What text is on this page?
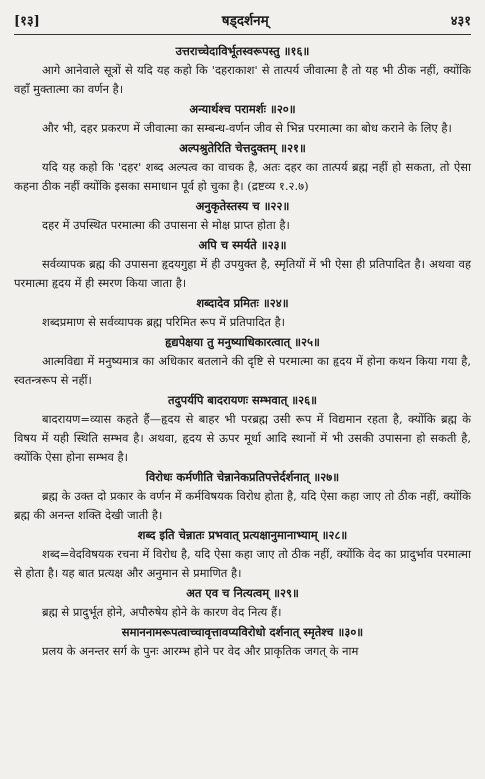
[१३]	षड्दर्शनम्	४३१
उत्तराच्चेदाविर्भूतस्वरूपस्तु ॥१६॥

आगे आनेवाले सूत्रों से यदि यह कहो कि 'दहराकाश' से तात्पर्य जीवात्मा है तो यह भी ठीक नहीं, क्योंकि वहाँ मुक्तात्मा का वर्णन है।

अन्यार्थश्च परामर्शः ॥२०॥

और भी, दहर प्रकरण में जीवात्मा का सम्बन्ध-वर्णन जीव से भिन्न परमात्मा का बोध कराने के लिए है।

अल्पश्रुतेरिति चेत्तदुक्तम् ॥२१॥

यदि यह कहो कि 'दहर' शब्द अल्पत्व का वाचक है, अतः दहर का तात्पर्य ब्रह्म नहीं हो सकता, तो ऐसा कहना ठीक नहीं क्योंकि इसका समाधान पूर्व हो चुका है। (द्रष्टव्य १.२.७)

अनुकृतेस्तस्य च ॥२२॥

दहर में उपस्थित परमात्मा की उपासना से मोक्ष प्राप्त होता है।

अपि च स्मर्यते ॥२३॥

सर्वव्यापक ब्रह्म की उपासना हृदयगुहा में ही उपयुक्त है, स्मृतियों में भी ऐसा ही प्रतिपादित है। अथवा वह परमात्मा हृदय में ही स्मरण किया जाता है।

शब्दादेव प्रमितः ॥२४॥

शब्दप्रमाण से सर्वव्यापक ब्रह्म परिमित रूप में प्रतिपादित है।

हृद्यपेक्षया तु मनुष्याधिकारत्वात् ॥२५॥

आत्मविद्या में मनुष्यमात्र का अधिकार बतलाने की दृष्टि से परमात्मा का हृदय में होना कथन किया गया है, स्वतन्त्ररूप से नहीं।

तदुपर्यपि बादरायणः सम्भवात् ॥२६॥

बादरायण=व्यास कहते हैं—हृदय से बाहर भी परब्रह्म उसी रूप में विद्यमान रहता है, क्योंकि ब्रह्म के विषय में यही स्थिति सम्भव है। अथवा, हृदय से ऊपर मूर्धा आदि स्थानों में भी उसकी उपासना हो सकती है, क्योंकि ऐसा होना सम्भव है।

विरोधः कर्मणीति चेन्नानेकप्रतिपत्तेर्दर्शनात् ॥२७॥

ब्रह्म के उक्त दो प्रकार के वर्णन में कर्मविषयक विरोध होता है, यदि ऐसा कहा जाए तो ठीक नहीं, क्योंकि ब्रह्म की अनन्त शक्ति देखी जाती है।

शब्द इति चेन्नातः प्रभवात् प्रत्यक्षानुमानाभ्याम् ॥२८॥

शब्द=वेदविषयक रचना में विरोध है, यदि ऐसा कहा जाए तो ठीक नहीं, क्योंकि वेद का प्रादुर्भाव परमात्मा से होता है। यह बात प्रत्यक्ष और अनुमान से प्रमाणित है।

अत एव च नित्यत्वम् ॥२९॥

ब्रह्म से प्रादुर्भूत होने, अपौरुषेय होने के कारण वेद नित्य हैं।

समाननामरूपत्वाच्चावृत्तावप्यविरोधो दर्शनात् स्मृतेश्च ॥३०॥

प्रलय के अनन्तर सर्ग के पुनः आरम्भ होने पर वेद और प्राकृतिक जगत् के नाम
